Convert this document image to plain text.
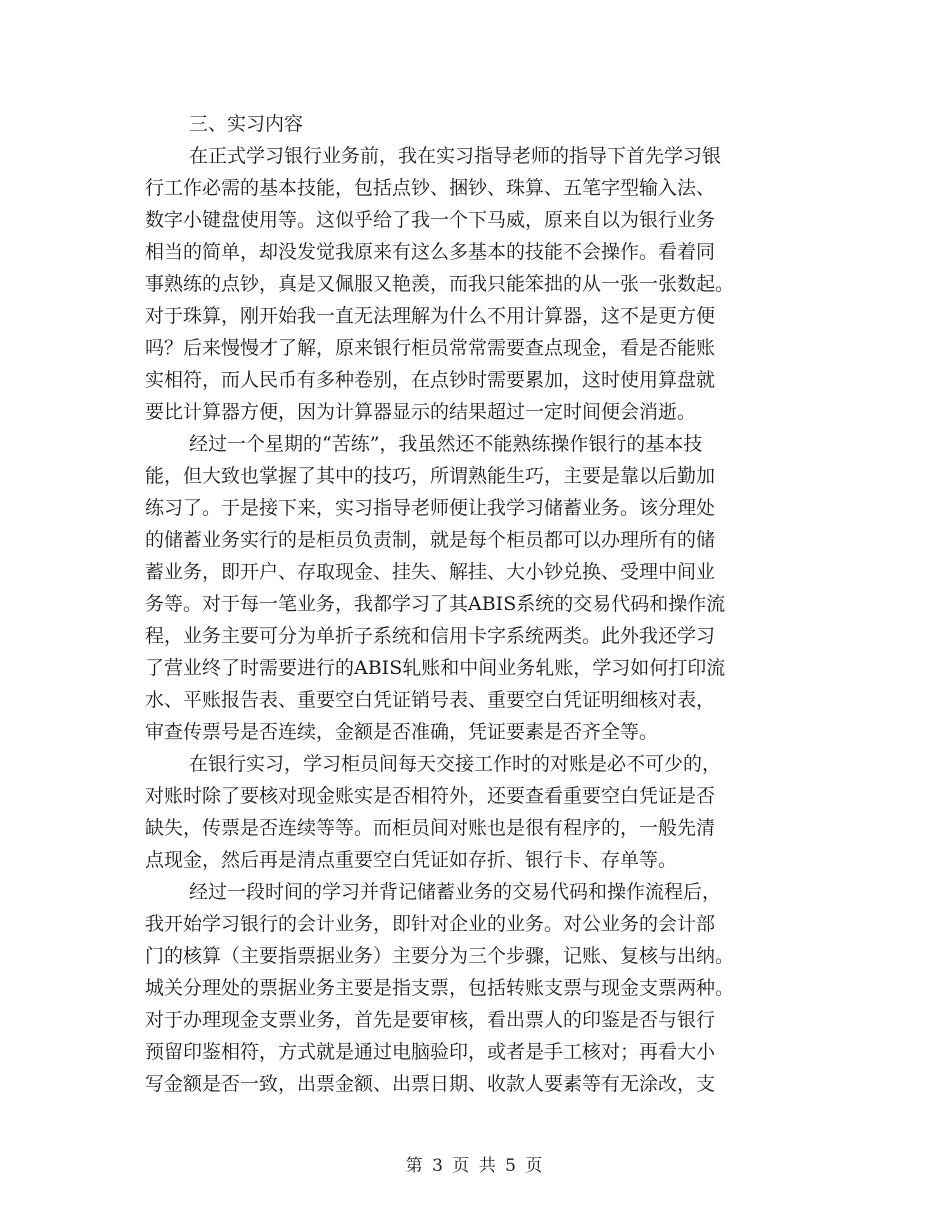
三、实习内容

在正式学习银行业务前，我在实习指导老师的指导下首先学习银
行工作必需的基本技能，包括点钞、捆钞、珠算、五笔字型输入法、
数字小键盘使用等。这似乎给了我一个下马威，原来自以为银行业务
相当的简单，却没发觉我原来有这么多基本的技能不会操作。看着同
事熟练的点钞，真是又佩服又艳羡，而我只能笨拙的从一张一张数起。
对于珠算，刚开始我一直无法理解为什么不用计算器，这不是更方便
吗？后来慢慢才了解，原来银行柜员常常需要查点现金，看是否能账
实相符，而人民币有多种卷别，在点钞时需要累加，这时使用算盘就
要比计算器方便，因为计算器显示的结果超过一定时间便会消逝。

经过一个星期的“苦练”，我虽然还不能熟练操作银行的基本技
能，但大致也掌握了其中的技巧，所谓熟能生巧，主要是靠以后勤加
练习了。于是接下来，实习指导老师便让我学习储蓄业务。该分理处
的储蓄业务实行的是柜员负责制，就是每个柜员都可以办理所有的储
蓄业务，即开户、存取现金、挂失、解挂、大小钞兑换、受理中间业
务等。对于每一笔业务，我都学习了其ABIS系统的交易代码和操作流
程，业务主要可分为单折子系统和信用卡字系统两类。此外我还学习
了营业终了时需要进行的ABIS轧账和中间业务轧账，学习如何打印流
水、平账报告表、重要空白凭证销号表、重要空白凭证明细核对表，
审查传票号是否连续，金额是否准确，凭证要素是否齐全等。

在银行实习，学习柜员间每天交接工作时的对账是必不可少的，
对账时除了要核对现金账实是否相符外，还要查看重要空白凭证是否
缺失，传票是否连续等等。而柜员间对账也是很有程序的，一般先清
点现金，然后再是清点重要空白凭证如存折、银行卡、存单等。

经过一段时间的学习并背记储蓄业务的交易代码和操作流程后，
我开始学习银行的会计业务，即针对企业的业务。对公业务的会计部
门的核算（主要指票据业务）主要分为三个步骤，记账、复核与出纳。
城关分理处的票据业务主要是指支票，包括转账支票与现金支票两种。
对于办理现金支票业务，首先是要审核，看出票人的印鉴是否与银行
预留印鉴相符，方式就是通过电脑验印，或者是手工核对；再看大小
写金额是否一致，出票金额、出票日期、收款人要素等有无涂改，支

第 3 页 共 5 页
